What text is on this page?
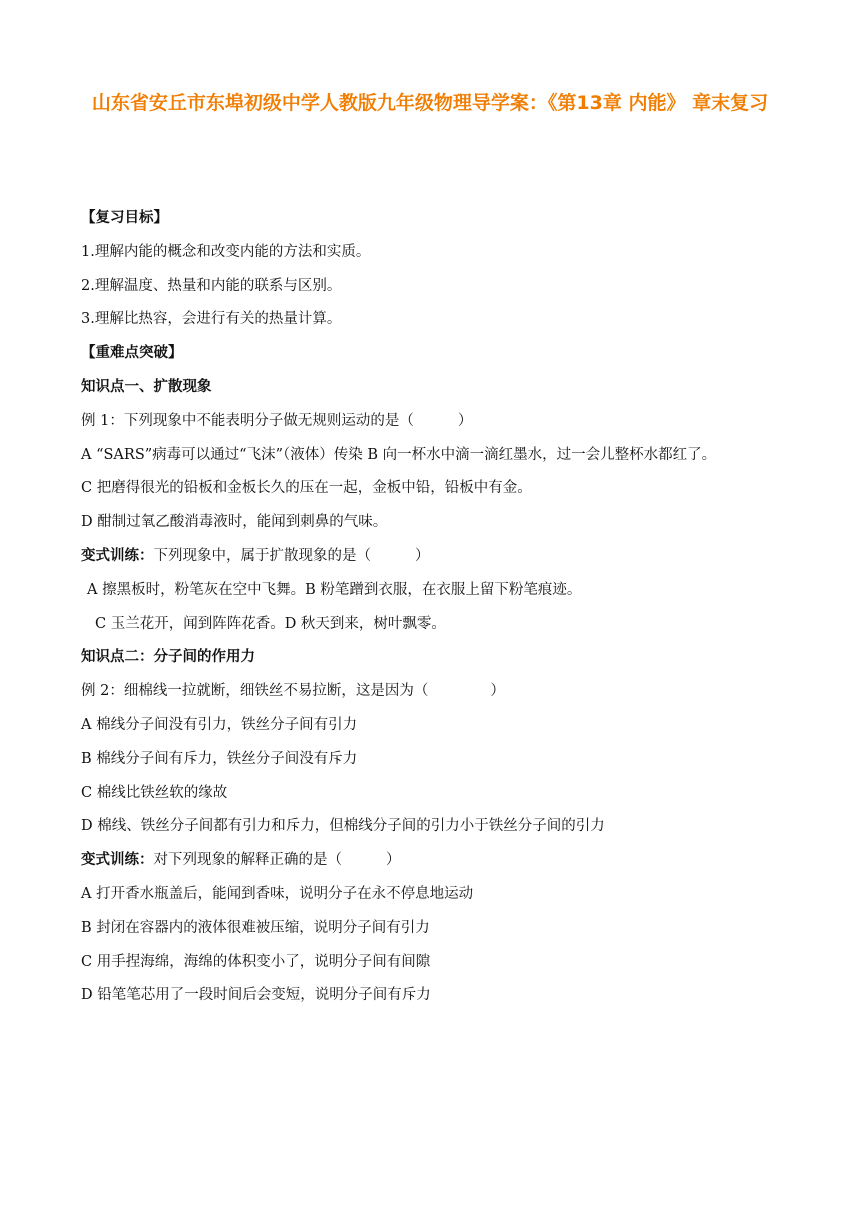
山东省安丘市东埠初级中学人教版九年级物理导学案：《第13章 内能》 章末复习
【复习目标】
1.理解内能的概念和改变内能的方法和实质。
2.理解温度、热量和内能的联系与区别。
3.理解比热容，会进行有关的热量计算。
【重难点突破】
知识点一、扩散现象
例 1：下列现象中不能表明分子做无规则运动的是（	）
A “SARS”病毒可以通过“飞沫”（液体）传染 B 向一杯水中滴一滴红墨水，过一会儿整杯水都红了。
C 把磨得很光的铅板和金板长久的压在一起，金板中铅，铅板中有金。
D 酣制过氧乙酸消毒液时，能闻到刺鼻的气味。
变式训练：下列现象中，属于扩散现象的是（	）
A 擦黑板时，粉笔灰在空中飞舞。B 粉笔蹭到衣服，在衣服上留下粉笔痕迹。
C 玉兰花开，闻到阵阵花香。D 秋天到来，树叶飘零。
知识点二：分子间的作用力
例 2：细棉线一拉就断，细铁丝不易拉断，这是因为（	）
A 棉线分子间没有引力，铁丝分子间有引力
B 棉线分子间有斥力，铁丝分子间没有斥力
C 棉线比铁丝软的缘故
D 棉线、铁丝分子间都有引力和斥力，但棉线分子间的引力小于铁丝分子间的引力
变式训练：对下列现象的解释正确的是（	）
A 打开香水瓶盖后，能闻到香味，说明分子在永不停息地运动
B 封闭在容器内的液体很难被压缩，说明分子间有引力
C 用手捏海绵，海绵的体积变小了，说明分子间有间隙
D 铅笔笔芯用了一段时间后会变短，说明分子间有斥力
